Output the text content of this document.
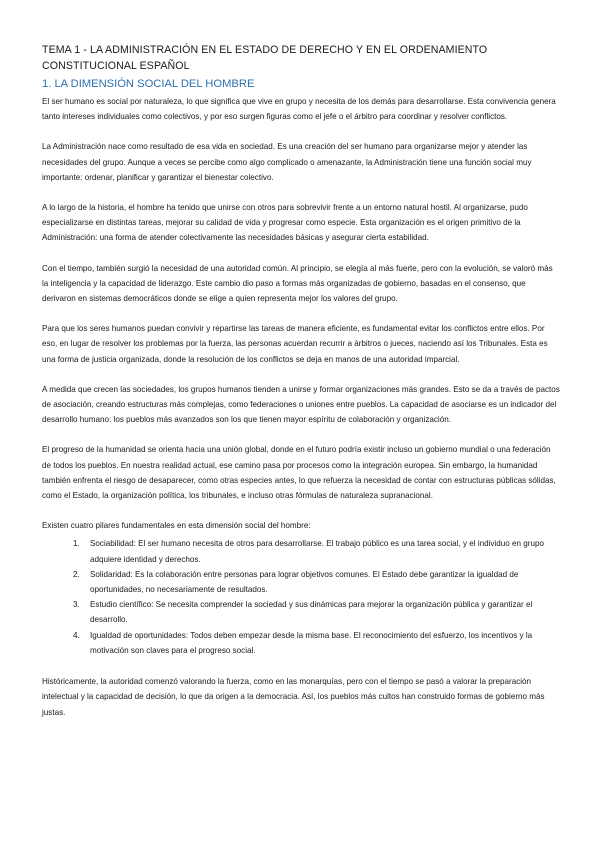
TEMA 1 - LA ADMINISTRACIÓN EN EL ESTADO DE DERECHO Y EN EL ORDENAMIENTO CONSTITUCIONAL ESPAÑOL
1. LA DIMENSIÓN SOCIAL DEL HOMBRE

El ser humano es social por naturaleza, lo que significa que vive en grupo y necesita de los demás para desarrollarse. Esta convivencia genera tanto intereses individuales como colectivos, y por eso surgen figuras como el jefe o el árbitro para coordinar y resolver conflictos.

La Administración nace como resultado de esa vida en sociedad. Es una creación del ser humano para organizarse mejor y atender las necesidades del grupo. Aunque a veces se percibe como algo complicado o amenazante, la Administración tiene una función social muy importante: ordenar, planificar y garantizar el bienestar colectivo.

A lo largo de la historia, el hombre ha tenido que unirse con otros para sobrevivir frente a un entorno natural hostil. Al organizarse, pudo especializarse en distintas tareas, mejorar su calidad de vida y progresar como especie. Esta organización es el origen primitivo de la Administración: una forma de atender colectivamente las necesidades básicas y asegurar cierta estabilidad.

Con el tiempo, también surgió la necesidad de una autoridad común. Al principio, se elegía al más fuerte, pero con la evolución, se valoró más la inteligencia y la capacidad de liderazgo. Este cambio dio paso a formas más organizadas de gobierno, basadas en el consenso, que derivaron en sistemas democráticos donde se elige a quien representa mejor los valores del grupo.

Para que los seres humanos puedan convivir y repartirse las tareas de manera eficiente, es fundamental evitar los conflictos entre ellos. Por eso, en lugar de resolver los problemas por la fuerza, las personas acuerdan recurrir a árbitros o jueces, naciendo así los Tribunales. Esta es una forma de justicia organizada, donde la resolución de los conflictos se deja en manos de una autoridad imparcial.

A medida que crecen las sociedades, los grupos humanos tienden a unirse y formar organizaciones más grandes. Esto se da a través de pactos de asociación, creando estructuras más complejas, como federaciones o uniones entre pueblos. La capacidad de asociarse es un indicador del desarrollo humano: los pueblos más avanzados son los que tienen mayor espíritu de colaboración y organización.

El progreso de la humanidad se orienta hacia una unión global, donde en el futuro podría existir incluso un gobierno mundial o una federación de todos los pueblos. En nuestra realidad actual, ese camino pasa por procesos como la integración europea. Sin embargo, la humanidad también enfrenta el riesgo de desaparecer, como otras especies antes, lo que refuerza la necesidad de contar con estructuras públicas sólidas, como el Estado, la organización política, los tribunales, e incluso otras fórmulas de naturaleza supranacional.

Existen cuatro pilares fundamentales en esta dimensión social del hombre:

1. Sociabilidad: El ser humano necesita de otros para desarrollarse. El trabajo público es una tarea social, y el individuo en grupo adquiere identidad y derechos.
2. Solidaridad: Es la colaboración entre personas para lograr objetivos comunes. El Estado debe garantizar la igualdad de oportunidades, no necesariamente de resultados.
3. Estudio científico: Se necesita comprender la sociedad y sus dinámicas para mejorar la organización pública y garantizar el desarrollo.
4. Igualdad de oportunidades: Todos deben empezar desde la misma base. El reconocimiento del esfuerzo, los incentivos y la motivación son claves para el progreso social.

Históricamente, la autoridad comenzó valorando la fuerza, como en las monarquías, pero con el tiempo se pasó a valorar la preparación intelectual y la capacidad de decisión, lo que da origen a la democracia. Así, los pueblos más cultos han construido formas de gobierno más justas.
